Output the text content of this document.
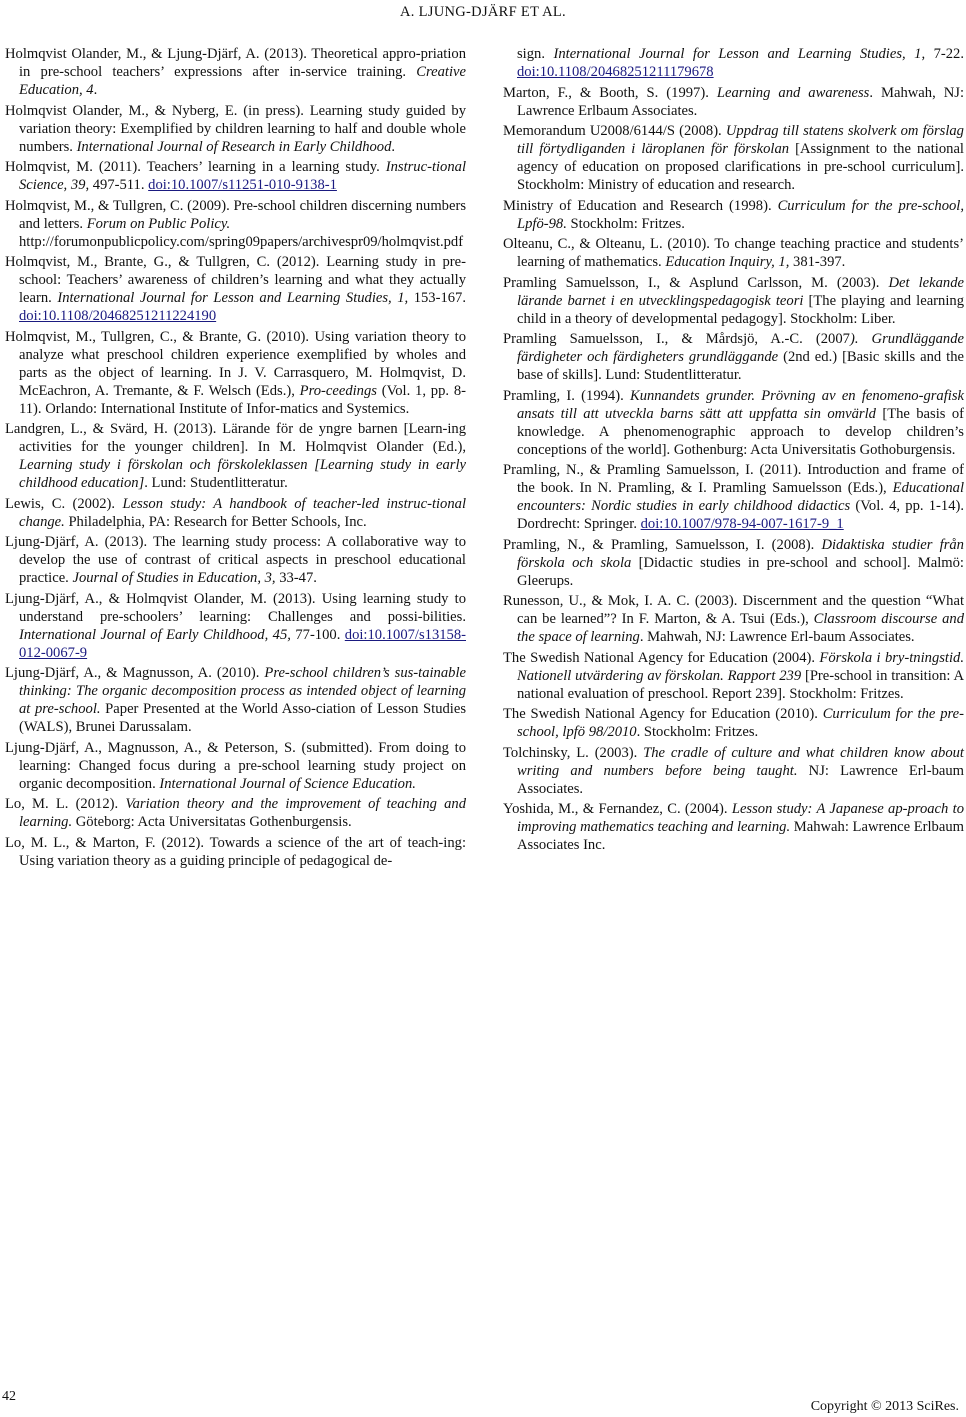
A. LJUNG-DJÄRF ET AL.

Holmqvist Olander, M., & Ljung-Djärf, A. (2013). Theoretical appro-priation in pre-school teachers’ expressions after in-service training. Creative Education, 4.

Holmqvist Olander, M., & Nyberg, E. (in press). Learning study guided by variation theory: Exemplified by children learning to half and double whole numbers. International Journal of Research in Early Childhood.

Holmqvist, M. (2011). Teachers’ learning in a learning study. Instruc-tional Science, 39, 497-511. doi:10.1007/s11251-010-9138-1

Holmqvist, M., & Tullgren, C. (2009). Pre-school children discerning numbers and letters. Forum on Public Policy.
http://forumonpublicpolicy.com/spring09papers/archivespr09/holmqvist.pdf

Holmqvist, M., Brante, G., & Tullgren, C. (2012). Learning study in pre-school: Teachers’ awareness of children’s learning and what they actually learn. International Journal for Lesson and Learning Studies, 1, 153-167. doi:10.1108/20468251211224190

Holmqvist, M., Tullgren, C., & Brante, G. (2010). Using variation theory to analyze what preschool children experience exemplified by wholes and parts as the object of learning. In J. V. Carrasquero, M. Holmqvist, D. McEachron, A. Tremante, & F. Welsch (Eds.), Pro-ceedings (Vol. 1, pp. 8-11). Orlando: International Institute of Infor-matics and Systemics.

Landgren, L., & Svärd, H. (2013). Lärande för de yngre barnen [Learn-ing activities for the younger children]. In M. Holmqvist Olander (Ed.), Learning study i förskolan och förskoleklassen [Learning study in early childhood education]. Lund: Studentlitteratur.

Lewis, C. (2002). Lesson study: A handbook of teacher-led instruc-tional change. Philadelphia, PA: Research for Better Schools, Inc.

Ljung-Djärf, A. (2013). The learning study process: A collaborative way to develop the use of contrast of critical aspects in preschool educational practice. Journal of Studies in Education, 3, 33-47.

Ljung-Djärf, A., & Holmqvist Olander, M. (2013). Using learning study to understand pre-schoolers’ learning: Challenges and possi-bilities. International Journal of Early Childhood, 45, 77-100. doi:10.1007/s13158-012-0067-9

Ljung-Djärf, A., & Magnusson, A. (2010). Pre-school children’s sus-tainable thinking: The organic decomposition process as intended object of learning at pre-school. Paper Presented at the World Asso-ciation of Lesson Studies (WALS), Brunei Darussalam.

Ljung-Djärf, A., Magnusson, A., & Peterson, S. (submitted). From doing to learning: Changed focus during a pre-school learning study project on organic decomposition. International Journal of Science Education.

Lo, M. L. (2012). Variation theory and the improvement of teaching and learning. Göteborg: Acta Universitatas Gothenburgensis.

Lo, M. L., & Marton, F. (2012). Towards a science of the art of teach-ing: Using variation theory as a guiding principle of pedagogical de-

sign. International Journal for Lesson and Learning Studies, 1, 7-22. doi:10.1108/20468251211179678

Marton, F., & Booth, S. (1997). Learning and awareness. Mahwah, NJ: Lawrence Erlbaum Associates.

Memorandum U2008/6144/S (2008). Uppdrag till statens skolverk om förslag till förtydliganden i läroplanen för förskolan [Assignment to the national agency of education on proposed clarifications in pre-school curriculum]. Stockholm: Ministry of education and research.

Ministry of Education and Research (1998). Curriculum for the pre-school, Lpfö-98. Stockholm: Fritzes.

Olteanu, C., & Olteanu, L. (2010). To change teaching practice and students’ learning of mathematics. Education Inquiry, 1, 381-397.

Pramling Samuelsson, I., & Asplund Carlsson, M. (2003). Det lekande lärande barnet i en utvecklingspedagogisk teori [The playing and learning child in a theory of developmental pedagogy]. Stockholm: Liber.

Pramling Samuelsson, I., & Mårdsjö, A.-C. (2007). Grundläggande färdigheter och färdigheters grundläggande (2nd ed.) [Basic skills and the base of skills]. Lund: Studentlitteratur.

Pramling, I. (1994). Kunnandets grunder. Prövning av en fenomeno-grafisk ansats till att utveckla barns sätt att uppfatta sin omvärld [The basis of knowledge. A phenomenographic approach to develop children’s conceptions of the world]. Gothenburg: Acta Universitatis Gothoburgensis.

Pramling, N., & Pramling Samuelsson, I. (2011). Introduction and frame of the book. In N. Pramling, & I. Pramling Samuelsson (Eds.), Educational encounters: Nordic studies in early childhood didactics (Vol. 4, pp. 1-14). Dordrecht: Springer. doi:10.1007/978-94-007-1617-9_1

Pramling, N., & Pramling, Samuelsson, I. (2008). Didaktiska studier från förskola och skola [Didactic studies in pre-school and school]. Malmö: Gleerups.

Runesson, U., & Mok, I. A. C. (2003). Discernment and the question “What can be learned”? In F. Marton, & A. Tsui (Eds.), Classroom discourse and the space of learning. Mahwah, NJ: Lawrence Erl-baum Associates.

The Swedish National Agency for Education (2004). Förskola i bry-tningstid. Nationell utvärdering av förskolan. Rapport 239 [Pre-school in transition: A national evaluation of preschool. Report 239]. Stockholm: Fritzes.

The Swedish National Agency for Education (2010). Curriculum for the pre-school, lpfö 98/2010. Stockholm: Fritzes.

Tolchinsky, L. (2003). The cradle of culture and what children know about writing and numbers before being taught. NJ: Lawrence Erl-baum Associates.

Yoshida, M., & Fernandez, C. (2004). Lesson study: A Japanese ap-proach to improving mathematics teaching and learning. Mahwah: Lawrence Erlbaum Associates Inc.

42
Copyright © 2013 SciRes.
